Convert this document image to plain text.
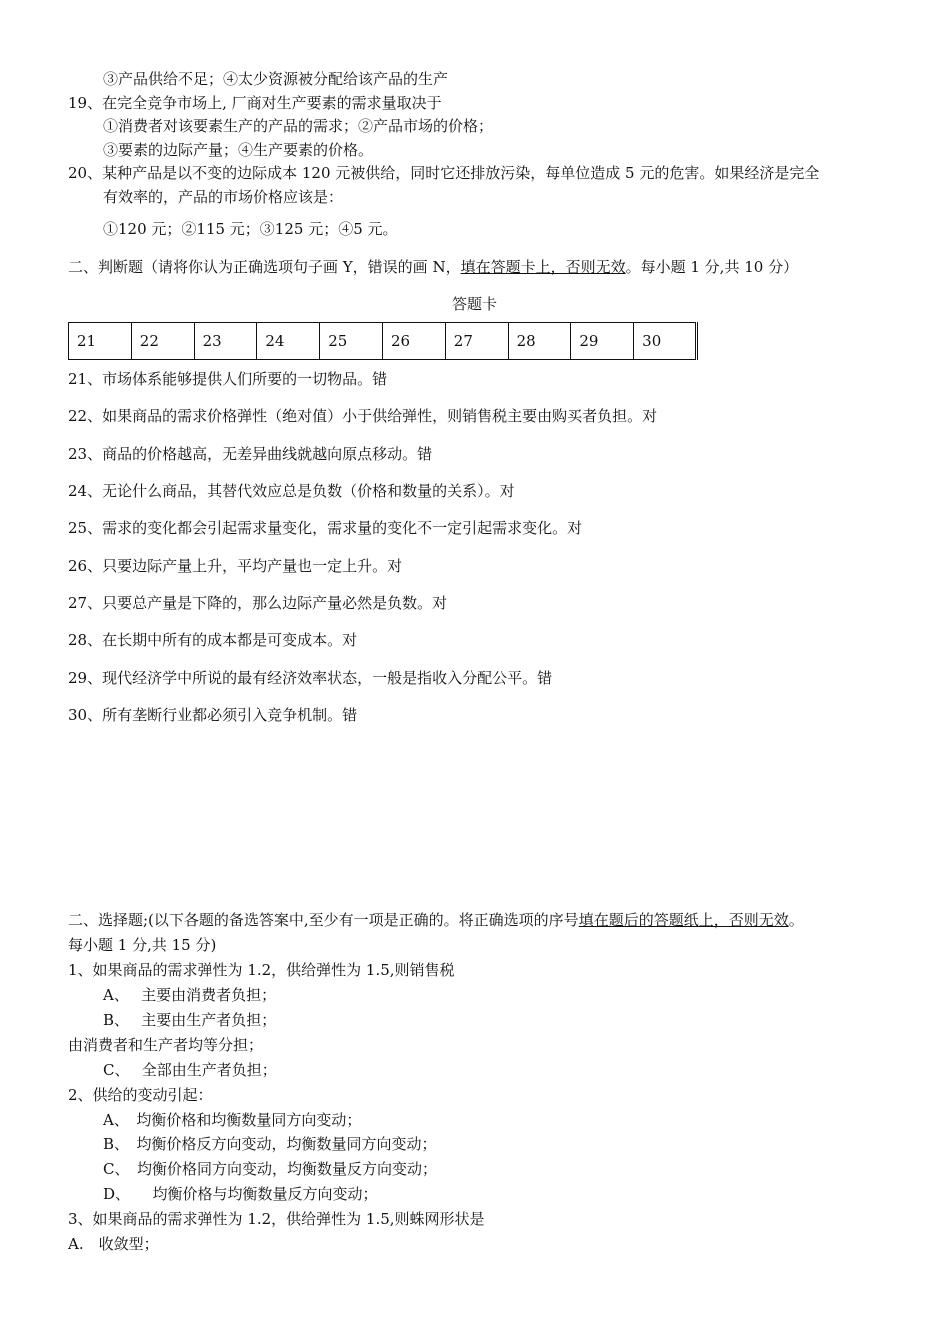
③产品供给不足；④太少资源被分配给该产品的生产
19、在完全竞争市场上, 厂商对生产要素的需求量取决于
①消费者对该要素生产的产品的需求；②产品市场的价格；
③要素的边际产量；④生产要素的价格。
20、某种产品是以不变的边际成本 120 元被供给，同时它还排放污染，每单位造成 5 元的危害。如果经济是完全
有效率的，产品的市场价格应该是：
①120 元；②115 元；③125 元；④5 元。
二、判断题（请将你认为正确选项句子画 Y，错误的画 N，填在答题卡上，否则无效。每小题 1 分,共 10 分）
答题卡
21	22	23	24	25	26	27	28	29	30
21、市场体系能够提供人们所要的一切物品。错
22、如果商品的需求价格弹性（绝对值）小于供给弹性，则销售税主要由购买者负担。对
23、商品的价格越高，无差异曲线就越向原点移动。错
24、无论什么商品，其替代效应总是负数（价格和数量的关系）。对
25、需求的变化都会引起需求量变化，需求量的变化不一定引起需求变化。对
26、只要边际产量上升，平均产量也一定上升。对
27、只要总产量是下降的，那么边际产量必然是负数。对
28、在长期中所有的成本都是可变成本。对
29、现代经济学中所说的最有经济效率状态，一般是指收入分配公平。错
30、所有垄断行业都必须引入竞争机制。错
二、选择题;(以下各题的备选答案中,至少有一项是正确的。将正确选项的序号填在题后的答题纸上，否则无效。
每小题 1 分,共 15 分)
1、如果商品的需求弹性为 1.2，供给弹性为 1.5,则销售税
A、　 主要由消费者负担；
B、　 主要由生产者负担；
由消费者和生产者均等分担；
C、　 全部由生产者负担；
2、供给的变动引起：
A、　均衡价格和均衡数量同方向变动；
B、　均衡价格反方向变动，均衡数量同方向变动；
C、　均衡价格同方向变动，均衡数量反方向变动；
D、　　均衡价格与均衡数量反方向变动；
3、如果商品的需求弹性为 1.2，供给弹性为 1.5,则蛛网形状是
A.　收敛型；
